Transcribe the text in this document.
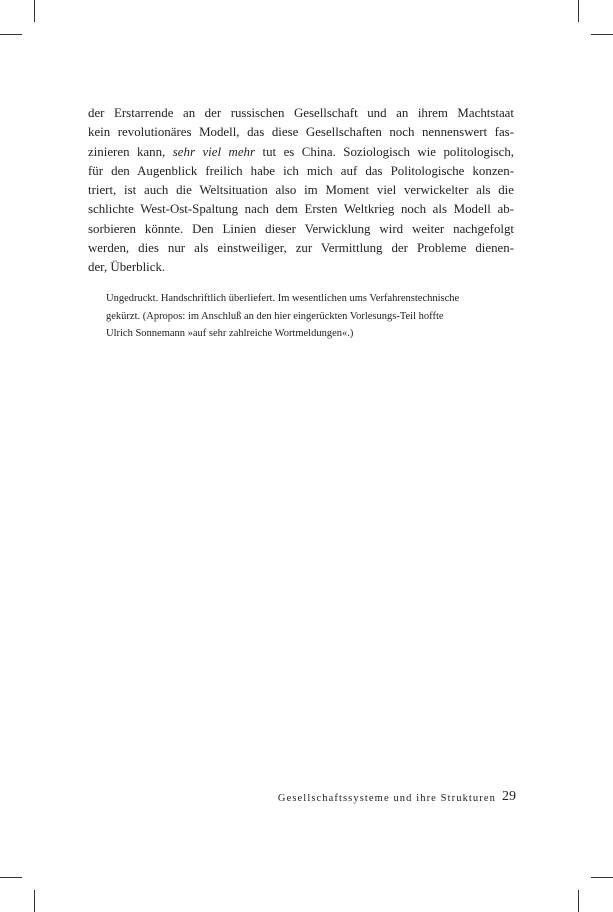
der Erstarrende an der russischen Gesellschaft und an ihrem Machtstaat
kein revolutionäres Modell, das diese Gesellschaften noch nennenswert fas-
zinieren kann, sehr viel mehr tut es China. Soziologisch wie politologisch,
für den Augenblick freilich habe ich mich auf das Politologische konzen-
triert, ist auch die Weltsituation also im Moment viel verwickelter als die
schlichte West-Ost-Spaltung nach dem Ersten Weltkrieg noch als Modell ab-
sorbieren könnte. Den Linien dieser Verwicklung wird weiter nachgefolgt
werden, dies nur als einstweiliger, zur Vermittlung der Probleme dienen-
der, Überblick.
Ungedruckt. Handschriftlich überliefert. Im wesentlichen ums Verfahrenstechnische
gekürzt. (Apropos: im Anschluß an den hier eingerückten Vorlesungs-Teil hoffte
Ulrich Sonnemann »auf sehr zahlreiche Wortmeldungen«.)
Gesellschaftssysteme und ihre Strukturen 29
